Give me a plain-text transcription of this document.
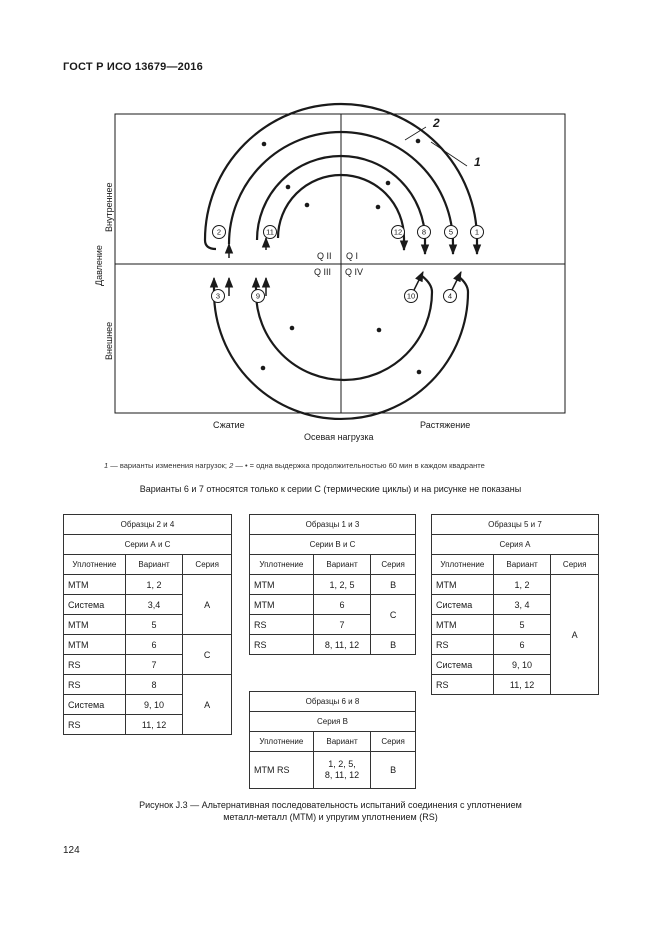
ГОСТ Р ИСО 13679—2016
1
2
Q II Q I
Q III Q IV
Сжатие	Растяжение
Осевая нагрузка
Внутреннее
Давление
Внешнее
2	11	12	8	5	1
3	9	10	4
1 — варианты изменения нагрузок; 2 — • = одна выдержка продолжительностью 60 мин в каждом квадранте
Варианты 6 и 7 относятся только к серии С (термические циклы) и на рисунке не показаны
Образцы 2 и 4		
Серии А и С		
Уплотнение	Вариант	Серия
МТМ	1, 2	А
Система	3,4	
МТМ	5	
МТМ	6	С
RS	7	
RS	8	А
Система	9, 10	
RS	11, 12	
Образцы 1 и 3		
Серии В и С		
Уплотнение	Вариант	Серия
МТМ	1, 2, 5	В
МТМ	6	С
RS	7	
RS	8, 11, 12	В
Образцы 5 и 7		
Серия А		
Уплотнение	Вариант	Серия
МТМ	1, 2	А
Система	3, 4	
МТМ	5	
RS	6	
Система	9, 10	
RS	11, 12	
Образцы 6 и 8		
Серия В		
Уплотнение	Вариант	Серия
МТМ RS	1, 2, 5,
8, 11, 12	В
Рисунок J.3 — Альтернативная последовательность испытаний соединения с уплотнением
металл-металл (МТМ) и упругим уплотнением (RS)
124
